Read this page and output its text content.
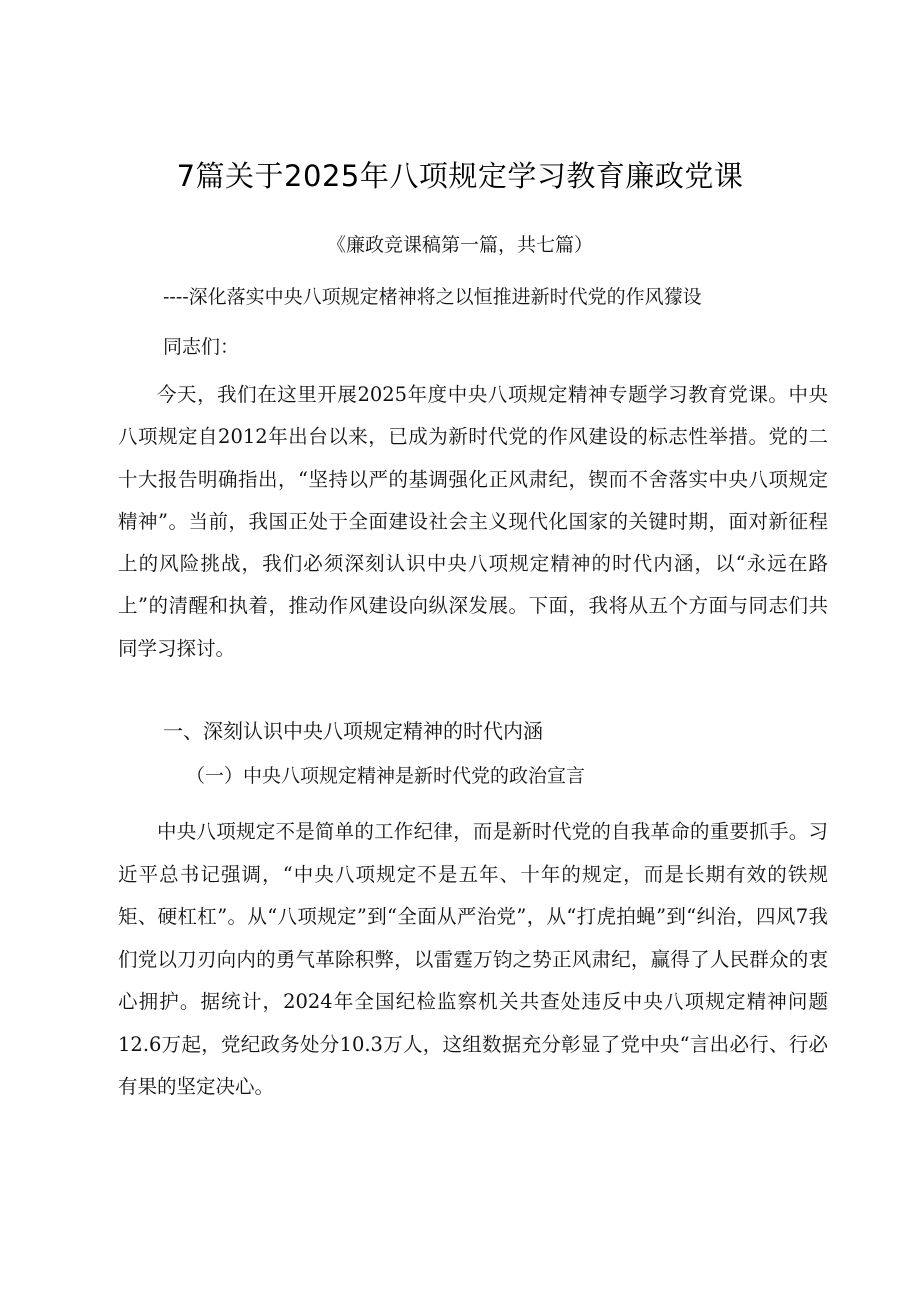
7篇关于2025年八项规定学习教育廉政党课
《廉政竞课稿第一篇，共七篇）
----深化落实中央八项规定楮神将之以恒推进新时代党的作风獴设
同志们：
今天，我们在这里开展2025年度中央八项规定精神专题学习教育党课。中央八项规定自2012年出台以来，已成为新时代党的作风建设的标志性举措。党的二十大报告明确指出，“坚持以严的基调强化正风肃纪，锲而不舍落实中央八项规定精神”。当前，我国正处于全面建设社会主义现代化国家的关键时期，面对新征程上的风险挑战，我们必须深刻认识中央八项规定精神的时代内涵，以“永远在路上”的清醒和执着，推动作风建设向纵深发展。下面，我将从五个方面与同志们共同学习探讨。
一、深刻认识中央八项规定精神的时代内涵
（一）中央八项规定精神是新时代党的政治宣言
中央八项规定不是简单的工作纪律，而是新时代党的自我革命的重要抓手。习近平总书记强调，“中央八项规定不是五年、十年的规定，而是长期有效的铁规矩、硬杠杠”。从“八项规定”到“全面从严治党”，从“打虎拍蝇”到“纠治，四风7我们党以刀刃向内的勇气革除积弊，以雷霆万钧之势正风肃纪，赢得了人民群众的衷心拥护。据统计，2024年全国纪检监察机关共查处违反中央八项规定精神问题12.6万起，党纪政务处分10.3万人，这组数据充分彰显了党中央“言出必行、行必有果的坚定决心。
